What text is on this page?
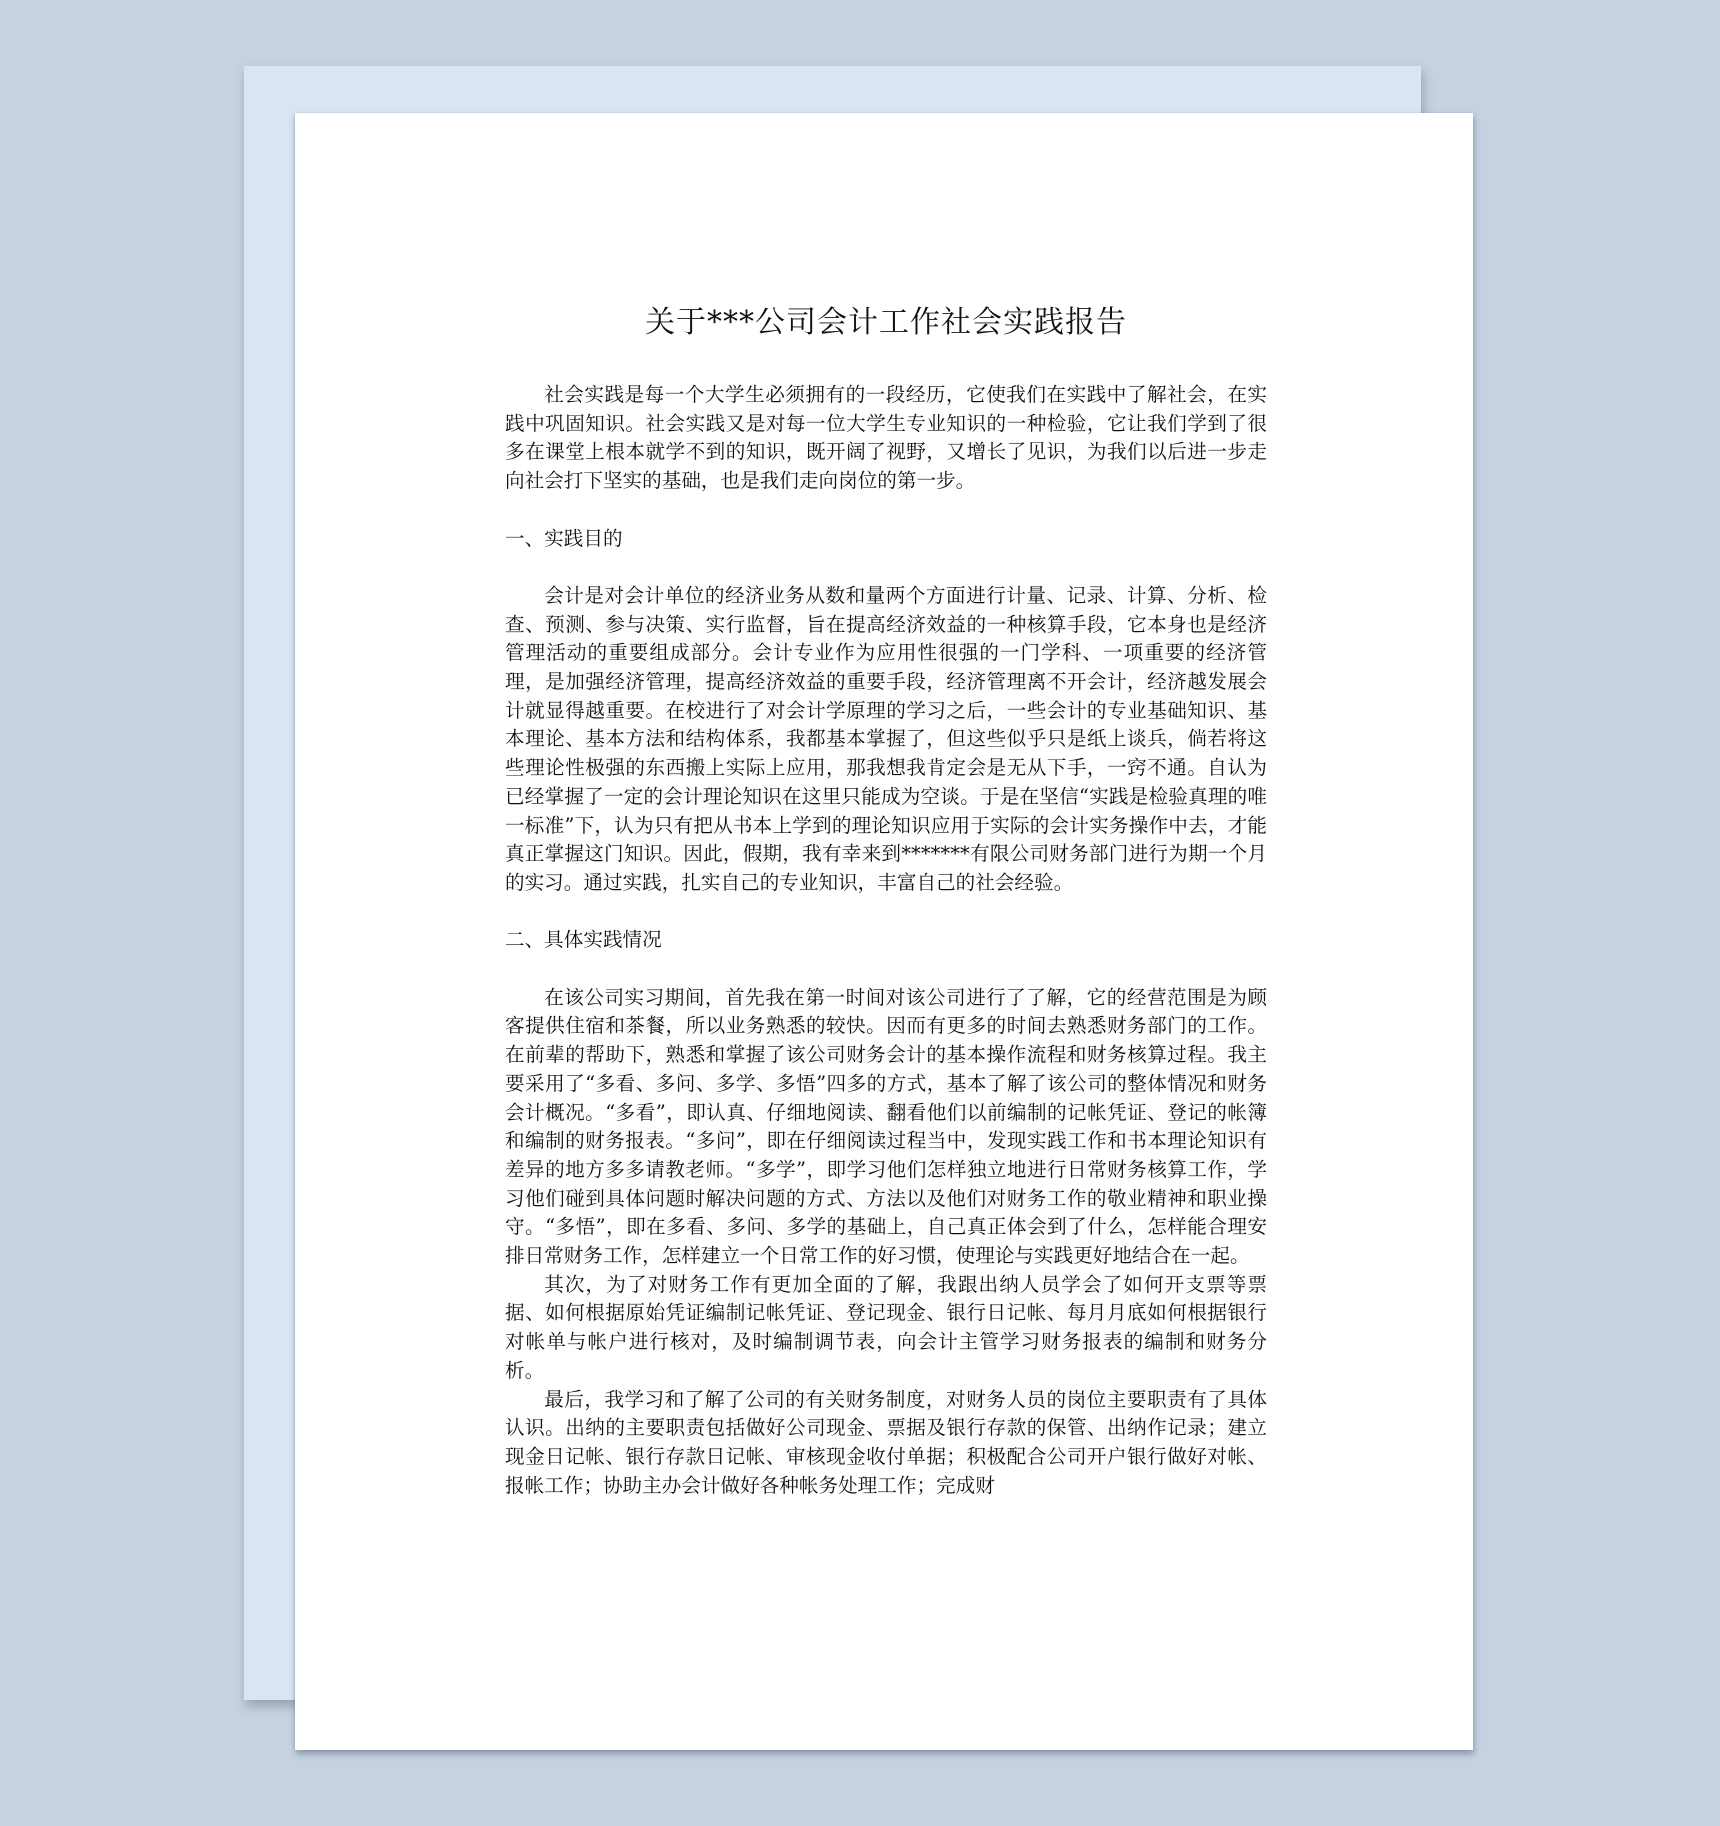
关于***公司会计工作社会实践报告

社会实践是每一个大学生必须拥有的一段经历，它使我们在实践中了解社会，在实践中巩固知识。社会实践又是对每一位大学生专业知识的一种检验，它让我们学到了很多在课堂上根本就学不到的知识，既开阔了视野，又增长了见识，为我们以后进一步走向社会打下坚实的基础，也是我们走向岗位的第一步。

一、实践目的

会计是对会计单位的经济业务从数和量两个方面进行计量、记录、计算、分析、检查、预测、参与决策、实行监督，旨在提高经济效益的一种核算手段，它本身也是经济管理活动的重要组成部分。会计专业作为应用性很强的一门学科、一项重要的经济管理，是加强经济管理，提高经济效益的重要手段，经济管理离不开会计，经济越发展会计就显得越重要。在校进行了对会计学原理的学习之后，一些会计的专业基础知识、基本理论、基本方法和结构体系，我都基本掌握了，但这些似乎只是纸上谈兵，倘若将这些理论性极强的东西搬上实际上应用，那我想我肯定会是无从下手，一窍不通。自认为已经掌握了一定的会计理论知识在这里只能成为空谈。于是在坚信“实践是检验真理的唯一标准”下，认为只有把从书本上学到的理论知识应用于实际的会计实务操作中去，才能真正掌握这门知识。因此，假期，我有幸来到*******有限公司财务部门进行为期一个月的实习。通过实践，扎实自己的专业知识，丰富自己的社会经验。

二、具体实践情况

在该公司实习期间，首先我在第一时间对该公司进行了了解，它的经营范围是为顾客提供住宿和茶餐，所以业务熟悉的较快。因而有更多的时间去熟悉财务部门的工作。在前辈的帮助下，熟悉和掌握了该公司财务会计的基本操作流程和财务核算过程。我主要采用了“多看、多问、多学、多悟”四多的方式，基本了解了该公司的整体情况和财务会计概况。“多看”，即认真、仔细地阅读、翻看他们以前编制的记帐凭证、登记的帐簿和编制的财务报表。“多问”，即在仔细阅读过程当中，发现实践工作和书本理论知识有差异的地方多多请教老师。“多学”，即学习他们怎样独立地进行日常财务核算工作，学习他们碰到具体问题时解决问题的方式、方法以及他们对财务工作的敬业精神和职业操守。“多悟”，即在多看、多问、多学的基础上，自己真正体会到了什么，怎样能合理安排日常财务工作，怎样建立一个日常工作的好习惯，使理论与实践更好地结合在一起。

其次，为了对财务工作有更加全面的了解，我跟出纳人员学会了如何开支票等票据、如何根据原始凭证编制记帐凭证、登记现金、银行日记帐、每月月底如何根据银行对帐单与帐户进行核对，及时编制调节表，向会计主管学习财务报表的编制和财务分析。

最后，我学习和了解了公司的有关财务制度，对财务人员的岗位主要职责有了具体认识。出纳的主要职责包括做好公司现金、票据及银行存款的保管、出纳作记录；建立现金日记帐、银行存款日记帐、审核现金收付单据；积极配合公司开户银行做好对帐、报帐工作；协助主办会计做好各种帐务处理工作；完成财
